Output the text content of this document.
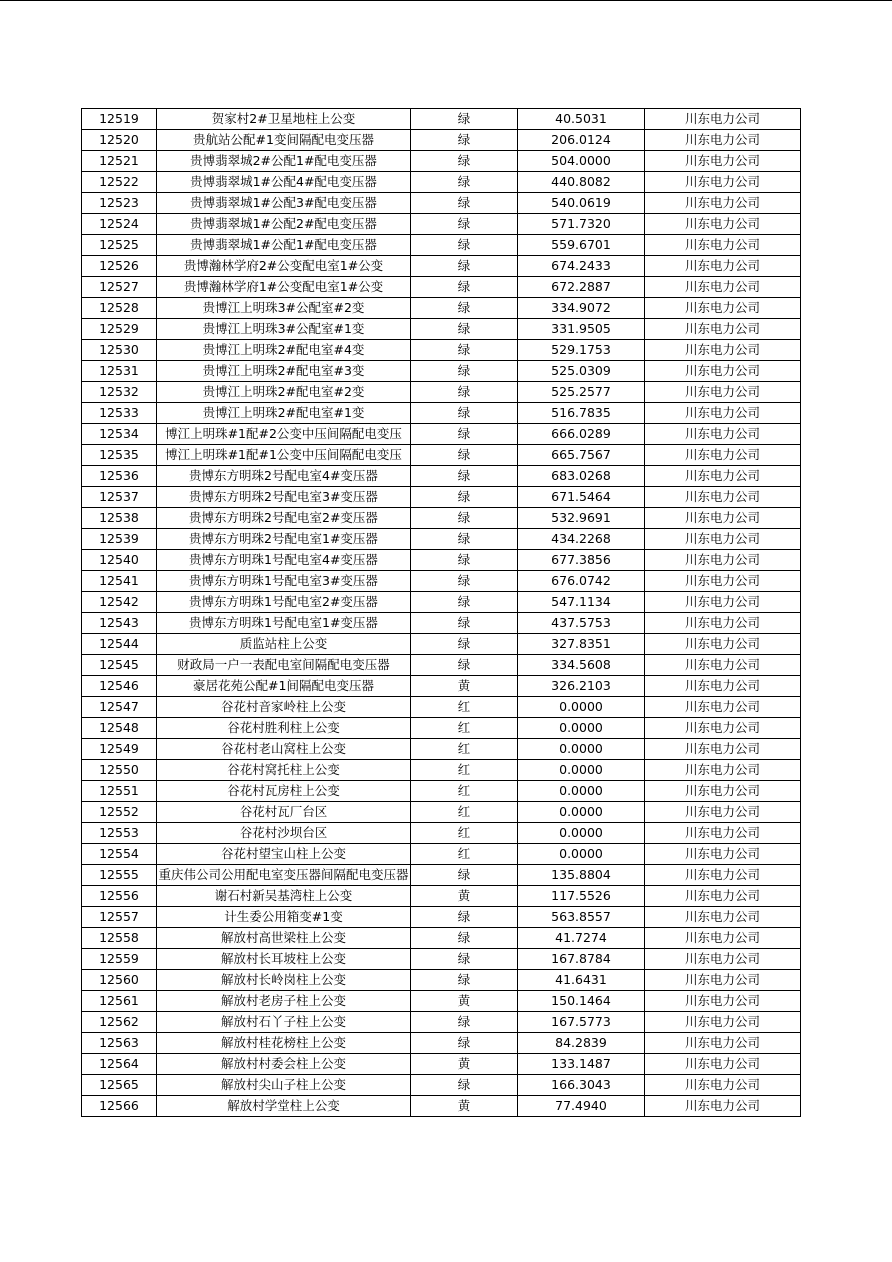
12519	贺家村2#卫星地柱上公变	绿	40.5031	川东电力公司
12520	贵航站公配#1变间隔配电变压器	绿	206.0124	川东电力公司
12521	贵博翡翠城2#公配1#配电变压器	绿	504.0000	川东电力公司
12522	贵博翡翠城1#公配4#配电变压器	绿	440.8082	川东电力公司
12523	贵博翡翠城1#公配3#配电变压器	绿	540.0619	川东电力公司
12524	贵博翡翠城1#公配2#配电变压器	绿	571.7320	川东电力公司
12525	贵博翡翠城1#公配1#配电变压器	绿	559.6701	川东电力公司
12526	贵博瀚林学府2#公变配电室1#公变	绿	674.2433	川东电力公司
12527	贵博瀚林学府1#公变配电室1#公变	绿	672.2887	川东电力公司
12528	贵博江上明珠3#公配室#2变	绿	334.9072	川东电力公司
12529	贵博江上明珠3#公配室#1变	绿	331.9505	川东电力公司
12530	贵博江上明珠2#配电室#4变	绿	529.1753	川东电力公司
12531	贵博江上明珠2#配电室#3变	绿	525.0309	川东电力公司
12532	贵博江上明珠2#配电室#2变	绿	525.2577	川东电力公司
12533	贵博江上明珠2#配电室#1变	绿	516.7835	川东电力公司
12534	博江上明珠#1配#2公变中压间隔配电变压	绿	666.0289	川东电力公司
12535	博江上明珠#1配#1公变中压间隔配电变压	绿	665.7567	川东电力公司
12536	贵博东方明珠2号配电室4#变压器	绿	683.0268	川东电力公司
12537	贵博东方明珠2号配电室3#变压器	绿	671.5464	川东电力公司
12538	贵博东方明珠2号配电室2#变压器	绿	532.9691	川东电力公司
12539	贵博东方明珠2号配电室1#变压器	绿	434.2268	川东电力公司
12540	贵博东方明珠1号配电室4#变压器	绿	677.3856	川东电力公司
12541	贵博东方明珠1号配电室3#变压器	绿	676.0742	川东电力公司
12542	贵博东方明珠1号配电室2#变压器	绿	547.1134	川东电力公司
12543	贵博东方明珠1号配电室1#变压器	绿	437.5753	川东电力公司
12544	质监站柱上公变	绿	327.8351	川东电力公司
12545	财政局一户一表配电室间隔配电变压器	绿	334.5608	川东电力公司
12546	豪居花苑公配#1间隔配电变压器	黄	326.2103	川东电力公司
12547	谷花村音家岭柱上公变	红	0.0000	川东电力公司
12548	谷花村胜利柱上公变	红	0.0000	川东电力公司
12549	谷花村老山窝柱上公变	红	0.0000	川东电力公司
12550	谷花村窝托柱上公变	红	0.0000	川东电力公司
12551	谷花村瓦房柱上公变	红	0.0000	川东电力公司
12552	谷花村瓦厂台区	红	0.0000	川东电力公司
12553	谷花村沙坝台区	红	0.0000	川东电力公司
12554	谷花村望宝山柱上公变	红	0.0000	川东电力公司
12555	重庆伟公司公用配电室变压器间隔配电变压器	绿	135.8804	川东电力公司
12556	谢石村新吴基湾柱上公变	黄	117.5526	川东电力公司
12557	计生委公用箱变#1变	绿	563.8557	川东电力公司
12558	解放村高世梁柱上公变	绿	41.7274	川东电力公司
12559	解放村长耳坡柱上公变	绿	167.8784	川东电力公司
12560	解放村长岭岗柱上公变	绿	41.6431	川东电力公司
12561	解放村老房子柱上公变	黄	150.1464	川东电力公司
12562	解放村石丫子柱上公变	绿	167.5773	川东电力公司
12563	解放村桂花榜柱上公变	绿	84.2839	川东电力公司
12564	解放村村委会柱上公变	黄	133.1487	川东电力公司
12565	解放村尖山子柱上公变	绿	166.3043	川东电力公司
12566	解放村学堂柱上公变	黄	77.4940	川东电力公司
